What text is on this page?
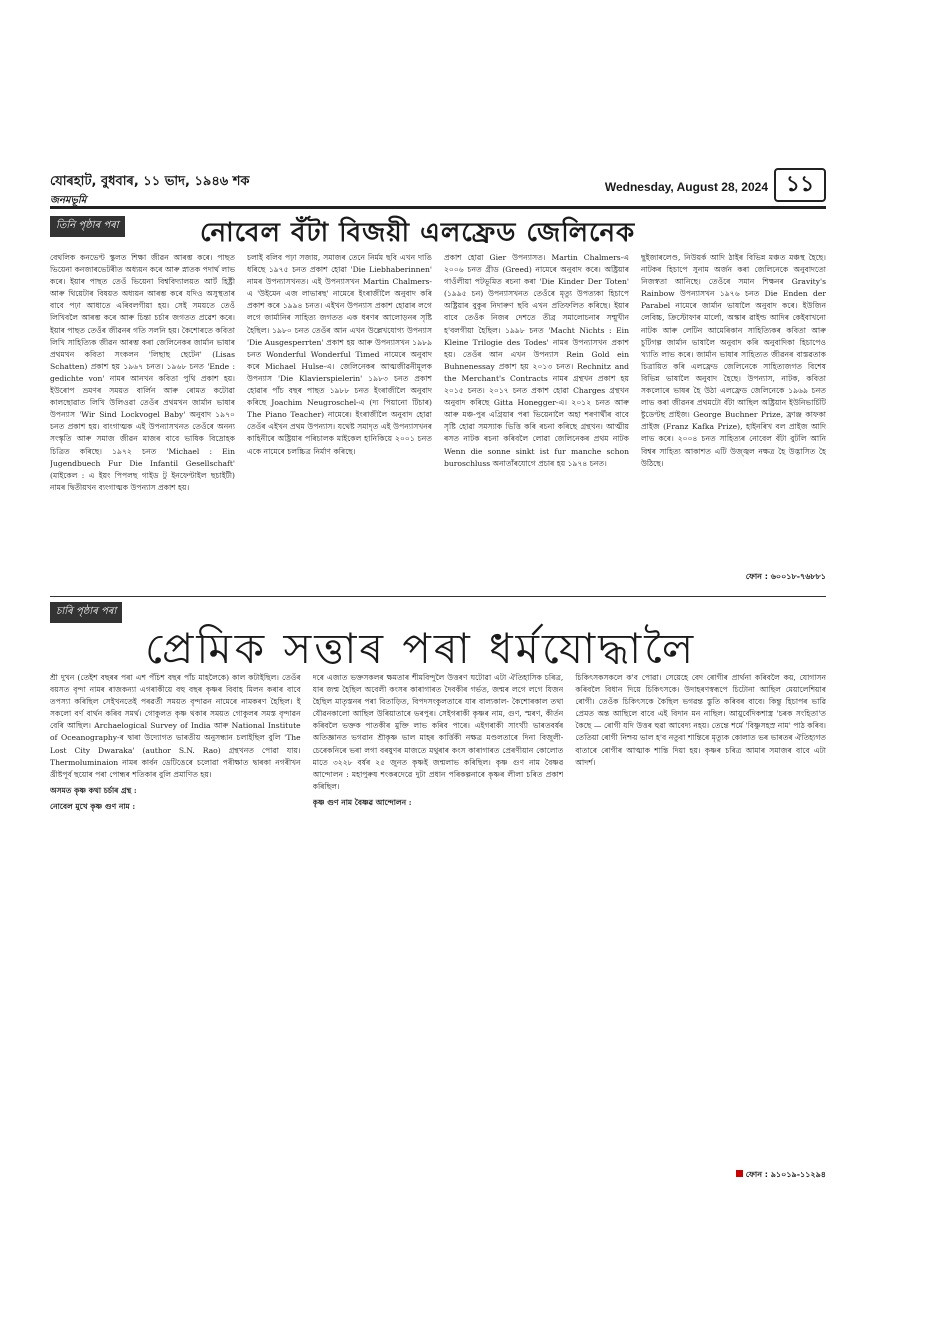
যোৰহাট, বুধবাৰ, ১১ ভাদ, ১৯৪৬ শক
জনমভূমি
Wednesday, August 28, 2024 ১১
তিনি পৃষ্ঠাৰ পৰা	নোবেল বঁটা বিজয়ী এলফ্ৰেড জেলিনেক

বেথলিক কনভেণ্ট স্কুলত শিক্ষা জীৱন আৰম্ভ কৰে। পাছত ভিয়েনা কনজাৰভেটৰীত অধ্যয়ন কৰে আৰু স্নাতক পদাৰ্থ লাভ কৰে। ইয়াৰ পাছত তেওঁ ভিয়েনা বিশ্ববিদ্যালয়ত আৰ্ট হিষ্ট্ৰী আৰু থিয়েটাৰ বিষয়ত অধ্যয়ন আৰম্ভ কৰে যদিও অসুস্থতাৰ বাবে পঢ়া আধাতে এৰিবলগীয়া হয়। সেই সময়তে তেওঁ লিখিবলৈ আৰম্ভ কৰে আৰু চিন্তা চৰ্চাৰ জগতত প্ৰৱেশ কৰে। ইয়াৰ পাছত তেওঁৰ জীৱনৰ গতি সলনি হয়। কৈশোৰতে কবিতা লিখি সাহিত্যিক জীৱন আৰম্ভ কৰা জেলিনেকৰ জাৰ্মান ভাষাৰ প্ৰথমখন কবিতা সংকলন 'লিছাছ ছেটেন' (Lisas Schatten) প্ৰকাশ হয় ১৯৬৭ চনত। ১৯৬৮ চনত 'Ende : gedichte von' নামৰ আনখন কবিতা পুথি প্ৰকাশ হয়। ইউৰোপ ভ্ৰমণৰ সময়ত বাৰ্লিন আৰু ৰোমত কটোৱা কালছোৱাত লিখি উলিওৱা তেওঁৰ প্ৰথমখন জাৰ্মান ভাষাৰ উপন্যাস 'Wir Sind Lockvogel Baby' অনুবাদ ১৯৭০ চনত প্ৰকাশ হয়। বাংগাত্মক এই উপন্যাসখনত তেওঁৰে অনন্য সংস্কৃতি আৰু সমাজ জীৱন মাজৰ বাবে ভাষিক বিদ্ৰোহক চিত্ৰিত কৰিছে। ১৯৭২ চনত 'Michael : Ein Jugendbuech Fur Die Infantil Gesellschaft' (মাইকেল : এ ইয়ং পিপলছ গাইড টু ইনফেণ্টাইল ছচাইটী) নামৰ দ্বিতীয়খন ব্যংগাত্মক উপন্যাস প্ৰকাশ হয়।

চলাই বলিব পঢ়া সজায়, সমাজৰ তেনে নিৰ্মম ছবি এখন দাঙি ধৰিছে ১৯৭৫ চনত প্ৰকাশ হোৱা 'Die Liebhaberinnen' নামৰ উপন্যাসখনত। এই উপন্যাসখন Martin Chalmers-এ 'উইমেন এজ লাভাৰছ' নামেৰে ইংৰাজীলৈ অনুবাদ কৰি প্ৰকাশ কৰে ১৯৯৪ চনত। এইখন উপন্যাস প্ৰকাশ হোৱাৰ লগে লগে জাৰ্মানিৰ সাহিত্য জগতত এক ধৰণৰ আলোড়নৰ সৃষ্টি হৈছিল। ১৯৮০ চনত তেওঁৰ আন এখন উল্লেখযোগ্য উপন্যাস 'Die Ausgesperrten' প্ৰকাশ হয় আৰু উপন্যাসখন ১৯৮৯ চনত Wonderful Wonderful Timed নামেৰে অনুবাদ কৰে Michael Hulse-এ। জেলিনেকৰ আত্মজীৱনীমূলক উপন্যাস 'Die Klavierspielerin' ১৯৮৩ চনত প্ৰকাশ হোৱাৰ পাঁচ বছৰ পাছত ১৯৮৮ চনত ইংৰাজীলৈ অনুবাদ কৰিছে Joachim Neugroschel-এ (দ্য পিয়ানো টিচাৰ) The Piano Teacher) নামেৰে। ইংৰাজীলৈ অনুবাদ হোৱা তেওঁৰ এইখন প্ৰথম উপন্যাস। যথেষ্ট সমাদৃত এই উপন্যাসখনৰ কাহিনীৰে অষ্ট্ৰিয়াৰ পৰিচালক মাইকেল হানিকিয়ে ২০০১ চনত একে নামেৰে চলচ্চিত্ৰ নিৰ্মাণ কৰিছে।

প্ৰকাশ হোৱা Gier উপন্যাসত। Martin Chalmers-এ ২০০৬ চনত গ্ৰীড (Greed) নামেৰে অনুবাদ কৰে। অষ্ট্ৰিয়াৰ গাওঁলীয়া পটভূমিত ৰচনা কৰা 'Die Kinder Der Toten' (১৯৯৫ চন) উপন্যাসখনত তেওঁৰে মৃত্যু উপত্যকা হিচাপে অষ্ট্ৰিয়াৰ বুকুৰ নিদাৰুণ ছবি এখন প্ৰতিফলিত কৰিছে। ইয়াৰ বাবে তেওঁক নিজৰ দেশতে তীব্ৰ সমালোচনাৰ সম্মুখীন হ'বলগীয়া হৈছিল। ১৯৯৮ চনত 'Macht Nichts : Ein Kleine Trilogie des Todes' নামৰ উপন্যাসখন প্ৰকাশ হয়। তেওঁৰ আন এখন উপন্যাস Rein Gold ein Buhnenessay প্ৰকাশ হয় ২০১৩ চনত। Rechnitz and the Merchant's Contracts নামৰ গ্ৰন্থখন প্ৰকাশ হয় ২০১৫ চনত। ২০১৭ চনত প্ৰকাশ হোৱা Charges গ্ৰন্থখন অনুবাদ কৰিছে Gitta Honegger-এ। ২০১২ চনত আৰু আৰু মঞ্চ-পুৰ এগ্ৰিয়াৰ পৰা ভিয়েনালৈ অহা শৰণাৰ্থীৰ বাবে সৃষ্টি হোৱা সমস্যাক ভিত্তি কৰি ৰচনা কৰিছে গ্ৰন্থখন। আত্মীয় ৰসত নাটক ৰচনা কৰিবলৈ লোৱা জেলিনেকৰ প্ৰথম নাটক Wenn die sonne sinkt ist fur manche schon buroschluss অনাতাঁৰযোগে প্ৰচাৰ হয় ১৯৭৪ চনত।

ছুইজাৰলেণ্ড, নিউয়ৰ্ক আদি ঠাইৰ বিভিন্ন মঞ্চত মঞ্চস্থ হৈছে। নাটকৰ হিচাপে সুনাম অৰ্জন কৰা জেলিনেকে অনুবাদতো নিজস্বতা আনিছে। তেওঁৰে সমান শিক্ষনৰ Gravity's Rainbow উপন্যাসখন ১৯৭৬ চনত Die Enden der Parabel নামেৰে জাৰ্মান ভাষালৈ অনুবাদ কৰে। ইউজিন লেবিচ্চ, ক্ৰিস্টোফাৰ মাৰ্লো, অস্কাৰ ৱাইল্ড আদিৰ কেইবাখনো নাটক আৰু লেটিন আমেৰিকান সাহিত্যিকৰ কবিতা আৰু চুটিগল্প জাৰ্মান ভাষালৈ অনুবাদ কৰি অনুবাদিকা হিচাপেও খ্যাতি লাভ কৰে। জাৰ্মান ভাষাৰ সাহিত্যত জীৱনৰ বাস্তৱতাক চিত্ৰায়িত কৰি এলফ্ৰেড জেলিনেকে সাহিত্যজগত বিশেষ বিভিন্ন ভাষালৈ অনুবাদ হৈছে। উপন্যাস, নাটক, কবিতা সকলোৰে ভাষৰ হৈ উঠা এলফ্ৰেড জেলিনেকে ১৯৬৯ চনত লাভ কৰা জীৱনৰ প্ৰথমটো বঁটা আছিল অষ্ট্ৰিয়ান ইউনিভাৰ্চিটি ষ্টুডেণ্টছ প্ৰাইজ। George Buchner Prize, ফ্ৰাঞ্জ কাফকা প্ৰাইজ (Franz Kafka Prize), হাইনৰিখ বল প্ৰাইজ আদি লাভ কৰে। ২০০৪ চনত সাহিত্যৰ নোবেল বঁটা বুটলি আনি বিশ্বৰ সাহিত্য আকাশত এটি উজ্জ্বল নক্ষত্ৰ হৈ উদ্ভাসিত হৈ উঠিছে।

ফোন : ৬০০১৮-৭৬৮৮১
চাৰি পৃষ্ঠাৰ পৰা
প্ৰেমিক সত্তাৰ পৰা ধৰ্মযোদ্ধালৈ

শ্ৰী দুখন (তেইশ বছৰৰ পৰা এশ পঁচিশ বছৰ পাঁচ মাহলৈকে) কাল কটাইছিল। তেওঁৰ বয়সত বৃন্দা নামৰ ৰাজকন্যা এগৰাকীয়ে বহু বছৰ কৃষ্ণৰ বিবাহ মিলন কৰাৰ বাবে তপস্যা কৰিছিল সেইখনতেই পৰৱৰ্তী সময়ত বৃন্দাৱন নামেৰে নামকৰণ হৈছিল। ই সকলো বৰ্ণ বাৰ্থন কৰিব সমৰ্থ। গোকুলত কৃষ্ণ থকাৰ সময়ত গোকুলৰ সমস্ত বৃন্দাৱন বেৰি আছিল। Archaelogical Survey of India আৰু National Institute of Oceanography-ৰ দ্বাৰা উদ্যোগত ভাৰতীয় অনুসন্ধান চলাইছিল বুলি 'The Lost City Dwaraka' (author S.N. Rao) গ্ৰন্থখনত পোৱা যায়। Thermoluminaion নামৰ কাৰ্বন ডেটিঙেৰে চলোৱা পৰীক্ষাত দ্বাৰকা নগৰীখন খ্ৰীষ্টপূৰ্ব ছয়োৰ পৰা পোন্ধৰ শতিকাৰ বুলি প্ৰমাণিত হয়।

অসমত কৃষ্ণ কথা চৰ্চাৰ গ্ৰন্থ :

নোবেল মুখে কৃষ্ণ গুণ নাম :

দৰে এজাত ভক্তসকলৰ ক্ষমতাৰ শীমবিন্দুলৈ উত্তৰণ ঘটোৱা এটা ঐতিহাসিক চৰিত্ৰ, যাৰ জন্ম হৈছিল অবেলী কংসৰ কাৰাগাৰত দৈবকীৰ গৰ্ভত, জন্মৰ লগে লগে যিজন হৈছিল মাতৃস্তনৰ পৰা বিতাড়িত, বিপদসংকুলতাৰে যাৰ বাল্যকাল- কৈশোৰকাল তথা যৌৱনকালো আছিল উৰিয়াতাৰে ভৰপুৰ। সেইগৰাকী কৃষ্ণৰ নাম, গুণ, স্মৰণ, কীৰ্তন কৰিবলৈ ভক্তক পাতকীৰ মুক্তি লাভ কৰিব পাৰে। এইগৰাকী সাংখ্যী ভাৰতবৰ্ষৰ অতিজ্ঞানত ভগৱান শ্ৰীকৃষ্ণ ভাল মাহৰ কাৰ্ত্তিকী নক্ষত্ৰ মণ্ডলতাৰে দিনা বিজুলী-চেৰেকনিৰে ভৰা লগা বৰষুণৰ মাজতে মথুৰাৰ কংস কাৰাগাৰত প্ৰেৰণীয়ান কোলোত মাতে ৩২২৮ বৰ্ষৰ ২৫ জুনত কৃষ্ণই জন্মলাভ কৰিছিল। কৃষ্ণ গুণ নাম বৈষ্ণৱ আন্দোলন : মহাপুৰুষ শংকৰদেৱে দুটা প্ৰধান পৰিকল্পনাৰে কৃষ্ণৰ লীলা চৰিত প্ৰকাশ কৰিছিল।

কৃষ্ণ গুণ নাম বৈষ্ণৱ আন্দোলন :

চিকিৎসকসকলে ক'ব পোৱা। সেয়েহে বেদ ৰোগীৰ প্ৰাৰ্থনা কৰিবলৈ কয়, যোগাসন কৰিবলৈ বিধান দিয়ে চিকিৎসকে। উদাহৰণস্বৰূপে চিটোনা আছিল মেয়ালেশিয়াৰ ৰোগী। তেওঁক চিকিৎসকে কৈছিল ভগৱন্ত স্তুতি কৰিবৰ বাবে। কিন্তু হিচাপৰ ভাৱি প্ৰেমত অন্ত আছিলে বাবে এই বিদান মন নাছিল। আয়ুৰ্বেদিকশাস্ত্ৰ 'চৰক সংহিতা'ত কৈছে — ৰোগী যদি উত্তৰ হুৱা আবেদ্য নহয়। তেন্তে শৰ্মে 'বিষ্ণুসহস্ৰ নাম' পাঠ কৰিব। তেতিয়া ৰোগী নিশ্চয় ভাল হ'ব নতুবা শান্তিৰে মৃত্যুক কোলাত ভৰ ভাৰতৰ ঐতিহ্যগত বাতাৰে ৰোগীৰ আত্মাক শান্তি দিয়া হয়। কৃষ্ণৰ চৰিত্ৰ আমাৰ সমাজৰ বাবে এটা আদৰ্শ।

ফোন : ৯১০১৯-১১২৯৪
